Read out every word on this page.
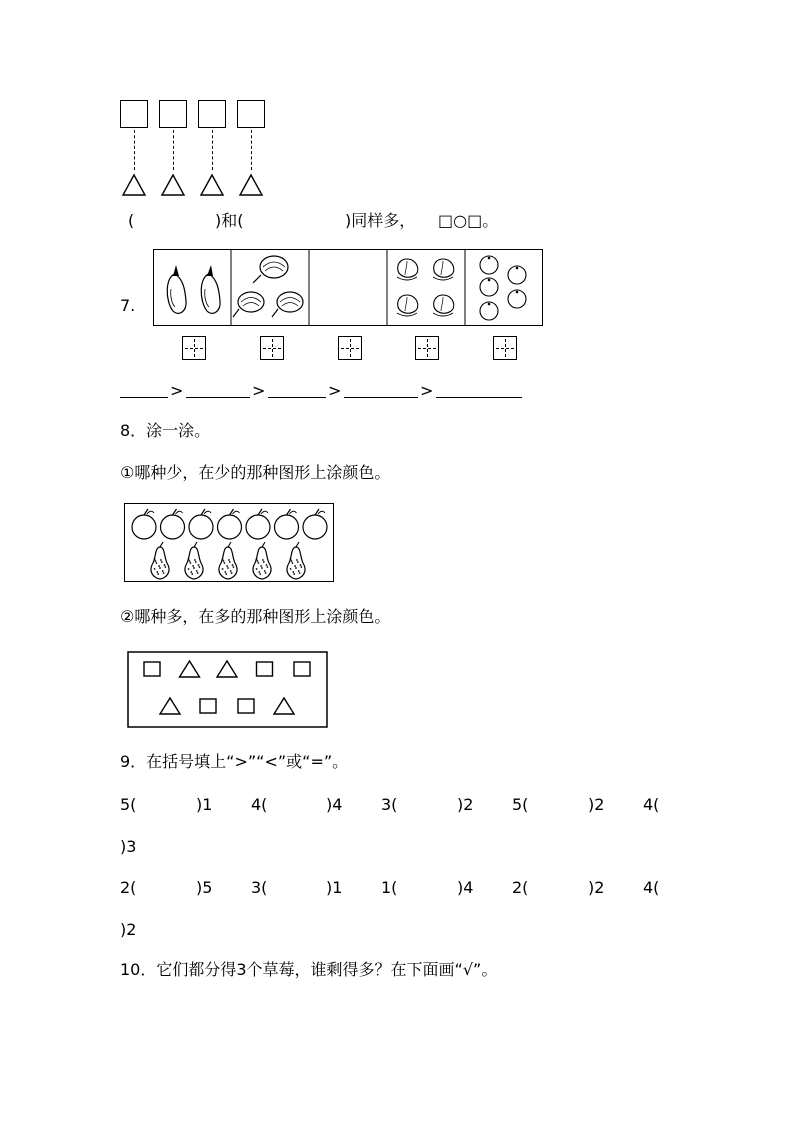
(	)和(	)同样多， □○□。
7.
>	>	>	>
8．涂一涂。
①哪种少，在少的那种图形上涂颜色。
②哪种多，在多的那种图形上涂颜色。
9．在括号填上“>”“<”或“=”。
5(	)1 4(	)4 3(	)2 5(	)2 4(
)3
2(	)5 3(	)1 1(	)4 2(	)2 4(
)2
10．它们都分得3个草莓，谁剩得多？在下面画“√”。
